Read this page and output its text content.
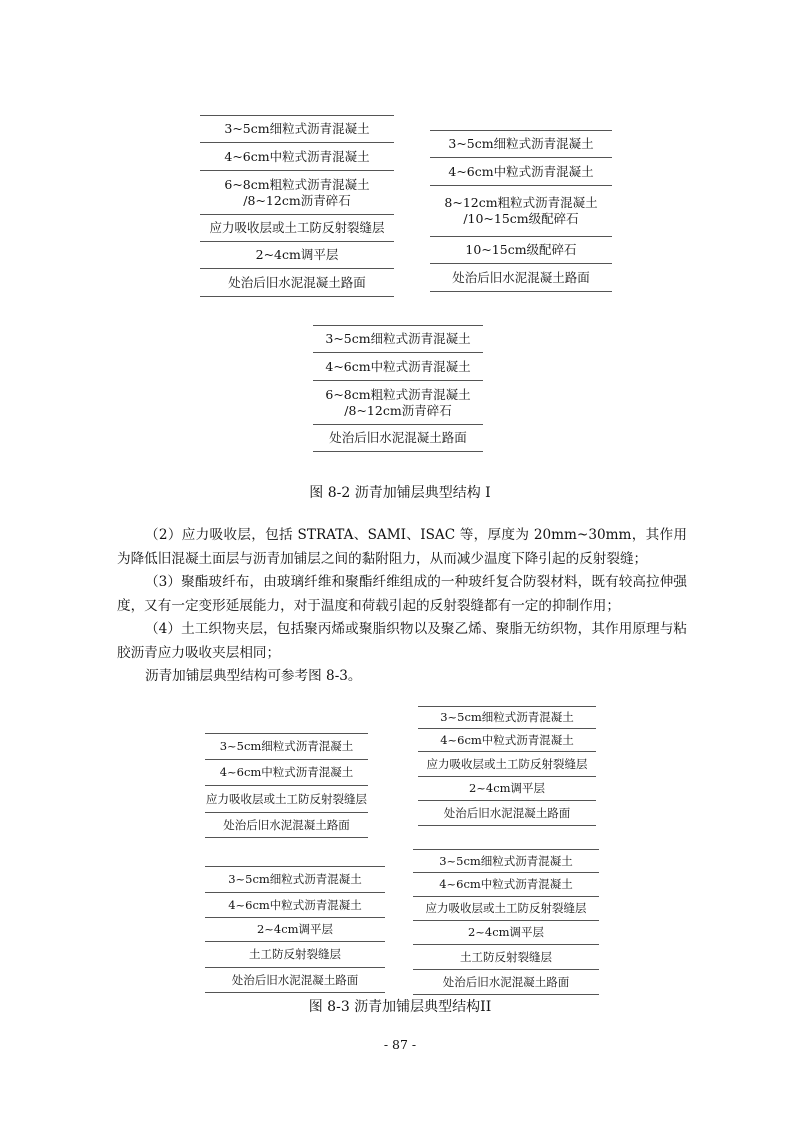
3~5cm细粒式沥青混凝土
4~6cm中粒式沥青混凝土
6~8cm粗粒式沥青混凝土
/8~12cm沥青碎石
应力吸收层或土工防反射裂缝层
2~4cm调平层
处治后旧水泥混凝土路面
3~5cm细粒式沥青混凝土
4~6cm中粒式沥青混凝土
8~12cm粗粒式沥青混凝土
/10~15cm级配碎石
10~15cm级配碎石
处治后旧水泥混凝土路面
3~5cm细粒式沥青混凝土
4~6cm中粒式沥青混凝土
6~8cm粗粒式沥青混凝土
/8~12cm沥青碎石
处治后旧水泥混凝土路面
图 8-2 沥青加铺层典型结构 I

（2）应力吸收层，包括 STRATA、SAMI、ISAC 等，厚度为 20mm~30mm，其作用为降低旧混凝土面层与沥青加铺层之间的黏附阻力，从而减少温度下降引起的反射裂缝；

（3）聚酯玻纤布，由玻璃纤维和聚酯纤维组成的一种玻纤复合防裂材料，既有较高拉伸强度，又有一定变形延展能力，对于温度和荷载引起的反射裂缝都有一定的抑制作用；

（4）土工织物夹层，包括聚丙烯或聚脂织物以及聚乙烯、聚脂无纺织物，其作用原理与粘胶沥青应力吸收夹层相同；

沥青加铺层典型结构可参考图 8-3。

3~5cm细粒式沥青混凝土
4~6cm中粒式沥青混凝土
应力吸收层或土工防反射裂缝层
处治后旧水泥混凝土路面
3~5cm细粒式沥青混凝土
4~6cm中粒式沥青混凝土
应力吸收层或土工防反射裂缝层
2~4cm调平层
处治后旧水泥混凝土路面
3~5cm细粒式沥青混凝土
4~6cm中粒式沥青混凝土
2~4cm调平层
土工防反射裂缝层
处治后旧水泥混凝土路面
3~5cm细粒式沥青混凝土
4~6cm中粒式沥青混凝土
应力吸收层或土工防反射裂缝层
2~4cm调平层
土工防反射裂缝层
处治后旧水泥混凝土路面
图 8-3 沥青加铺层典型结构II
- 87 -
